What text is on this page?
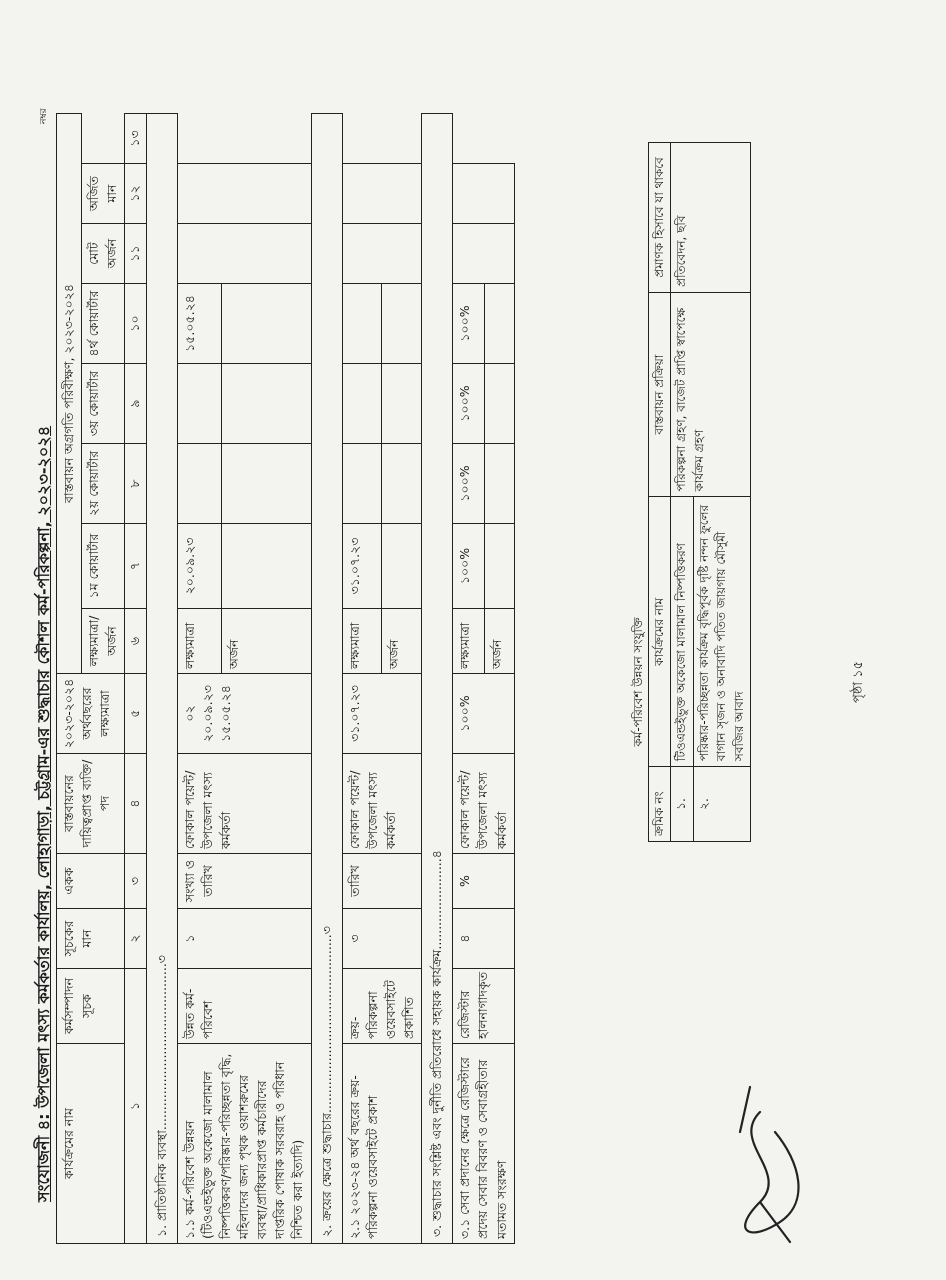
সংযোজনী ৪: উপজেলা মৎস্য কর্মকর্তার কার্যালয়, লোহাগাড়া, চট্টগ্রাম-এর শুদ্ধাচার কৌশল কর্ম-পরিকল্পনা, ২০২৩-২০২৪
নম্বর
কার্যক্রমের নাম	কর্মসম্পাদন সূচক	সূচকের মান	একক	বাস্তবায়নের দায়িত্বপ্রাপ্ত ব্যক্তি/পদ	২০২৩-২০২৪ অর্থবছরের লক্ষ্যমাত্রা	বাস্তবায়ন অগ্রগতি পরিবীক্ষণ, ২০২৩-২০২৪							
						লক্ষ্যমাত্রা/ অর্জন	১ম কোয়ার্টার	২য় কোয়ার্টার	৩য় কোয়ার্টার	৪র্থ কোয়ার্টার	মোট অর্জন	অর্জিত মান	
১		২	৩	৪	৫	৬	৭	৮	৯	১০	১১	১২	১৩
১. প্রাতিষ্ঠানিক ব্যবস্থা..........................................৩													
১.১ কর্ম-পরিবেশ উন্নয়ন (টিওএন্ডইভুক্ত অকেজো মালামাল নিষ্পত্তিকরণ/পরিষ্কার-পরিচ্ছন্নতা বৃদ্ধি, মহিলাদের জন্য পৃথক ওয়াশরুমের ব্যবস্থা/প্রাধিকারপ্রাপ্ত কর্মচারীদের দাপ্তরিক পোষাক সরবরাহ ও পরিধান নিশ্চিত করা ইত্যাদি)	উন্নত কর্ম-পরিবেশ	১	সংখ্যা ও তারিখ	ফোকাল পয়েন্ট/ উপজেলা মৎস্য কর্মকর্তা	০২ ২০.০৯.২৩ ১৫.০৫.২৪	লক্ষ্যমাত্রা	২০.০৯.২৩			১৫.০৫.২৪			
						অর্জন							
২. ক্রয়ের ক্ষেত্রে শুদ্ধাচার.............................................৩													
২.১ ২০২৩-২৪ অর্থ বছরের ক্রয়-পরিকল্পনা ওয়েবসাইটে প্রকাশ	ক্রয়-পরিকল্পনা ওয়েবসাইটে প্রকাশিত	৩	তারিখ	ফোকাল পয়েন্ট/ উপজেলা মৎস্য কর্মকর্তা	৩১.০৭.২৩	লক্ষ্যমাত্রা	৩১.০৭.২৩						
						অর্জন							
৩. শুদ্ধাচার সংশ্লিষ্ট এবং দুর্নীতি প্রতিরোধে সহায়ক কার্যক্রম.......................৪													
৩.১ সেবা প্রদানের ক্ষেত্রে রেজিস্টারে প্রদেয় সেবার বিবরণ ও সেবাগ্রহীতার মতামত সংরক্ষণ	রেজিস্টার হালনাগাদকৃত	৪	%	ফোকাল পয়েন্ট/ উপজেলা মৎস্য কর্মকর্তা	১০০%	লক্ষ্যমাত্রা	১০০%	১০০%	১০০%	১০০%			
						অর্জন								কর্ম-পরিবেশ উন্নয়ন সংযুক্তি
ক্রমিক নং	কার্যক্রমের নাম	বাস্তবায়ন প্রক্রিয়া	প্রমাণক হিসাবে যা থাকবে
১.	টিওএন্ডইভুক্ত অকেজো মালামাল নিষ্পত্তিকরণ	পরিকল্পনা গ্রহণ, বাজেট প্রাপ্তি স্বাপেক্ষে কার্যক্রম গ্রহণ	প্রতিবেদন, ছবি
২.	পরিষ্কার-পরিচ্ছন্নতা কার্যক্রম বৃদ্ধিপূর্বক দৃষ্টি নন্দন ফুলের বাগান সৃজন ও অনাবাদি পতিত জায়গায় মৌসুমী সবজির আবাদ		
পৃষ্ঠা ১৫
